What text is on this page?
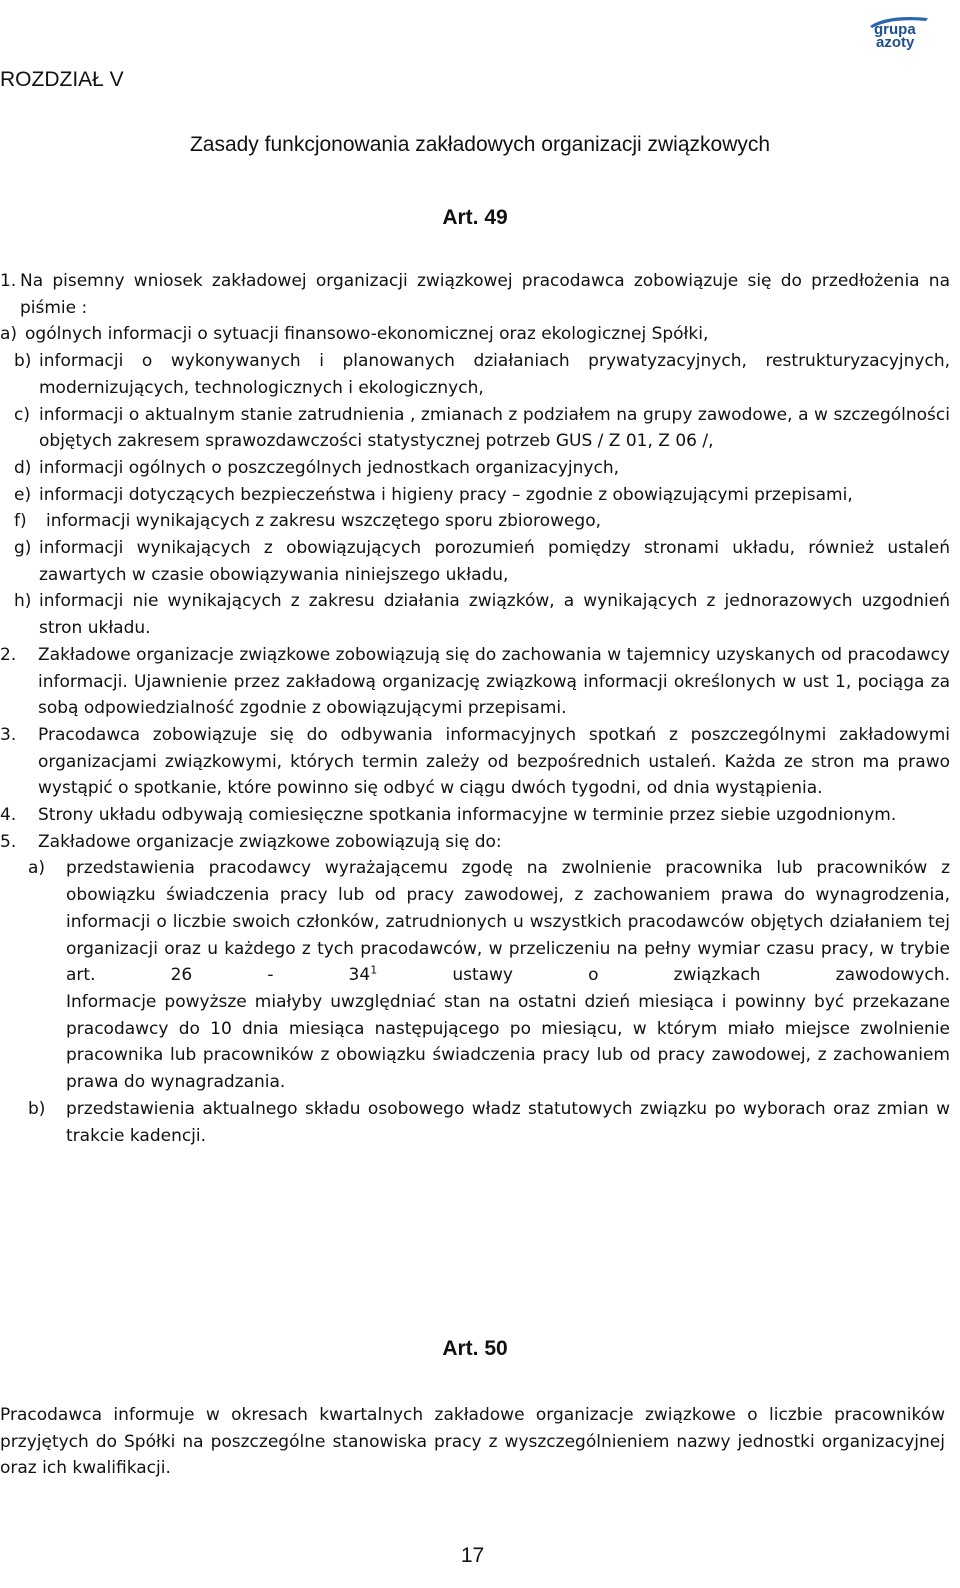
grupa
azoty
ROZDZIAŁ V
Zasady funkcjonowania zakładowych organizacji związkowych
Art. 49
1. Na pisemny wniosek zakładowej organizacji związkowej pracodawca zobowiązuje się do przedłożenia na piśmie :
a) ogólnych informacji o sytuacji finansowo-ekonomicznej oraz ekologicznej Spółki,
b) informacji o wykonywanych i planowanych działaniach prywatyzacyjnych, restrukturyzacyjnych, modernizujących, technologicznych i ekologicznych,
c) informacji o aktualnym stanie zatrudnienia , zmianach z podziałem na grupy zawodowe, a w szczególności objętych zakresem sprawozdawczości statystycznej potrzeb GUS / Z 01, Z 06 /,
d) informacji ogólnych o poszczególnych jednostkach organizacyjnych,
e) informacji dotyczących bezpieczeństwa i higieny pracy – zgodnie z obowiązującymi przepisami,
f)	informacji wynikających z zakresu wszczętego sporu zbiorowego,
g) informacji wynikających z obowiązujących porozumień pomiędzy stronami układu, również ustaleń zawartych w czasie obowiązywania niniejszego układu,
h) informacji nie wynikających z zakresu działania związków, a wynikających z jednorazowych uzgodnień stron układu.
2.	Zakładowe organizacje związkowe zobowiązują się do zachowania w tajemnicy uzyskanych od pracodawcy informacji. Ujawnienie przez zakładową organizację związkową informacji określonych w ust 1, pociąga za sobą odpowiedzialność zgodnie z obowiązującymi przepisami.
3.	Pracodawca zobowiązuje się do odbywania informacyjnych spotkań z poszczególnymi zakładowymi organizacjami związkowymi, których termin zależy od bezpośrednich ustaleń. Każda ze stron ma prawo wystąpić o spotkanie, które powinno się odbyć w ciągu dwóch tygodni, od dnia wystąpienia.
4.	Strony układu odbywają comiesięczne spotkania informacyjne w terminie przez siebie uzgodnionym.
5.	Zakładowe organizacje związkowe zobowiązują się do:
a)	przedstawienia pracodawcy wyrażającemu zgodę na zwolnienie pracownika lub pracowników z obowiązku świadczenia pracy lub od pracy zawodowej, z zachowaniem prawa do wynagrodzenia, informacji o liczbie swoich członków, zatrudnionych u wszystkich pracodawców objętych działaniem tej organizacji oraz u każdego z tych pracodawców, w przeliczeniu na pełny wymiar czasu pracy, w trybie art. $26 - 34^1$	ustawy o związkach zawodowych.
Informacje powyższe miałyby uwzględniać stan na ostatni dzień miesiąca i powinny być przekazane pracodawcy do 10 dnia miesiąca następującego po miesiącu, w którym miało miejsce zwolnienie pracownika lub pracowników z obowiązku świadczenia pracy lub od pracy zawodowej, z zachowaniem prawa do wynagradzania.
b)	przedstawienia aktualnego składu osobowego władz statutowych związku po wyborach oraz zmian w trakcie kadencji.
Art. 50
Pracodawca informuje w okresach kwartalnych zakładowe organizacje związkowe o liczbie pracowników przyjętych do Spółki na poszczególne stanowiska pracy z wyszczególnieniem nazwy jednostki organizacyjnej oraz ich kwalifikacji.
17
